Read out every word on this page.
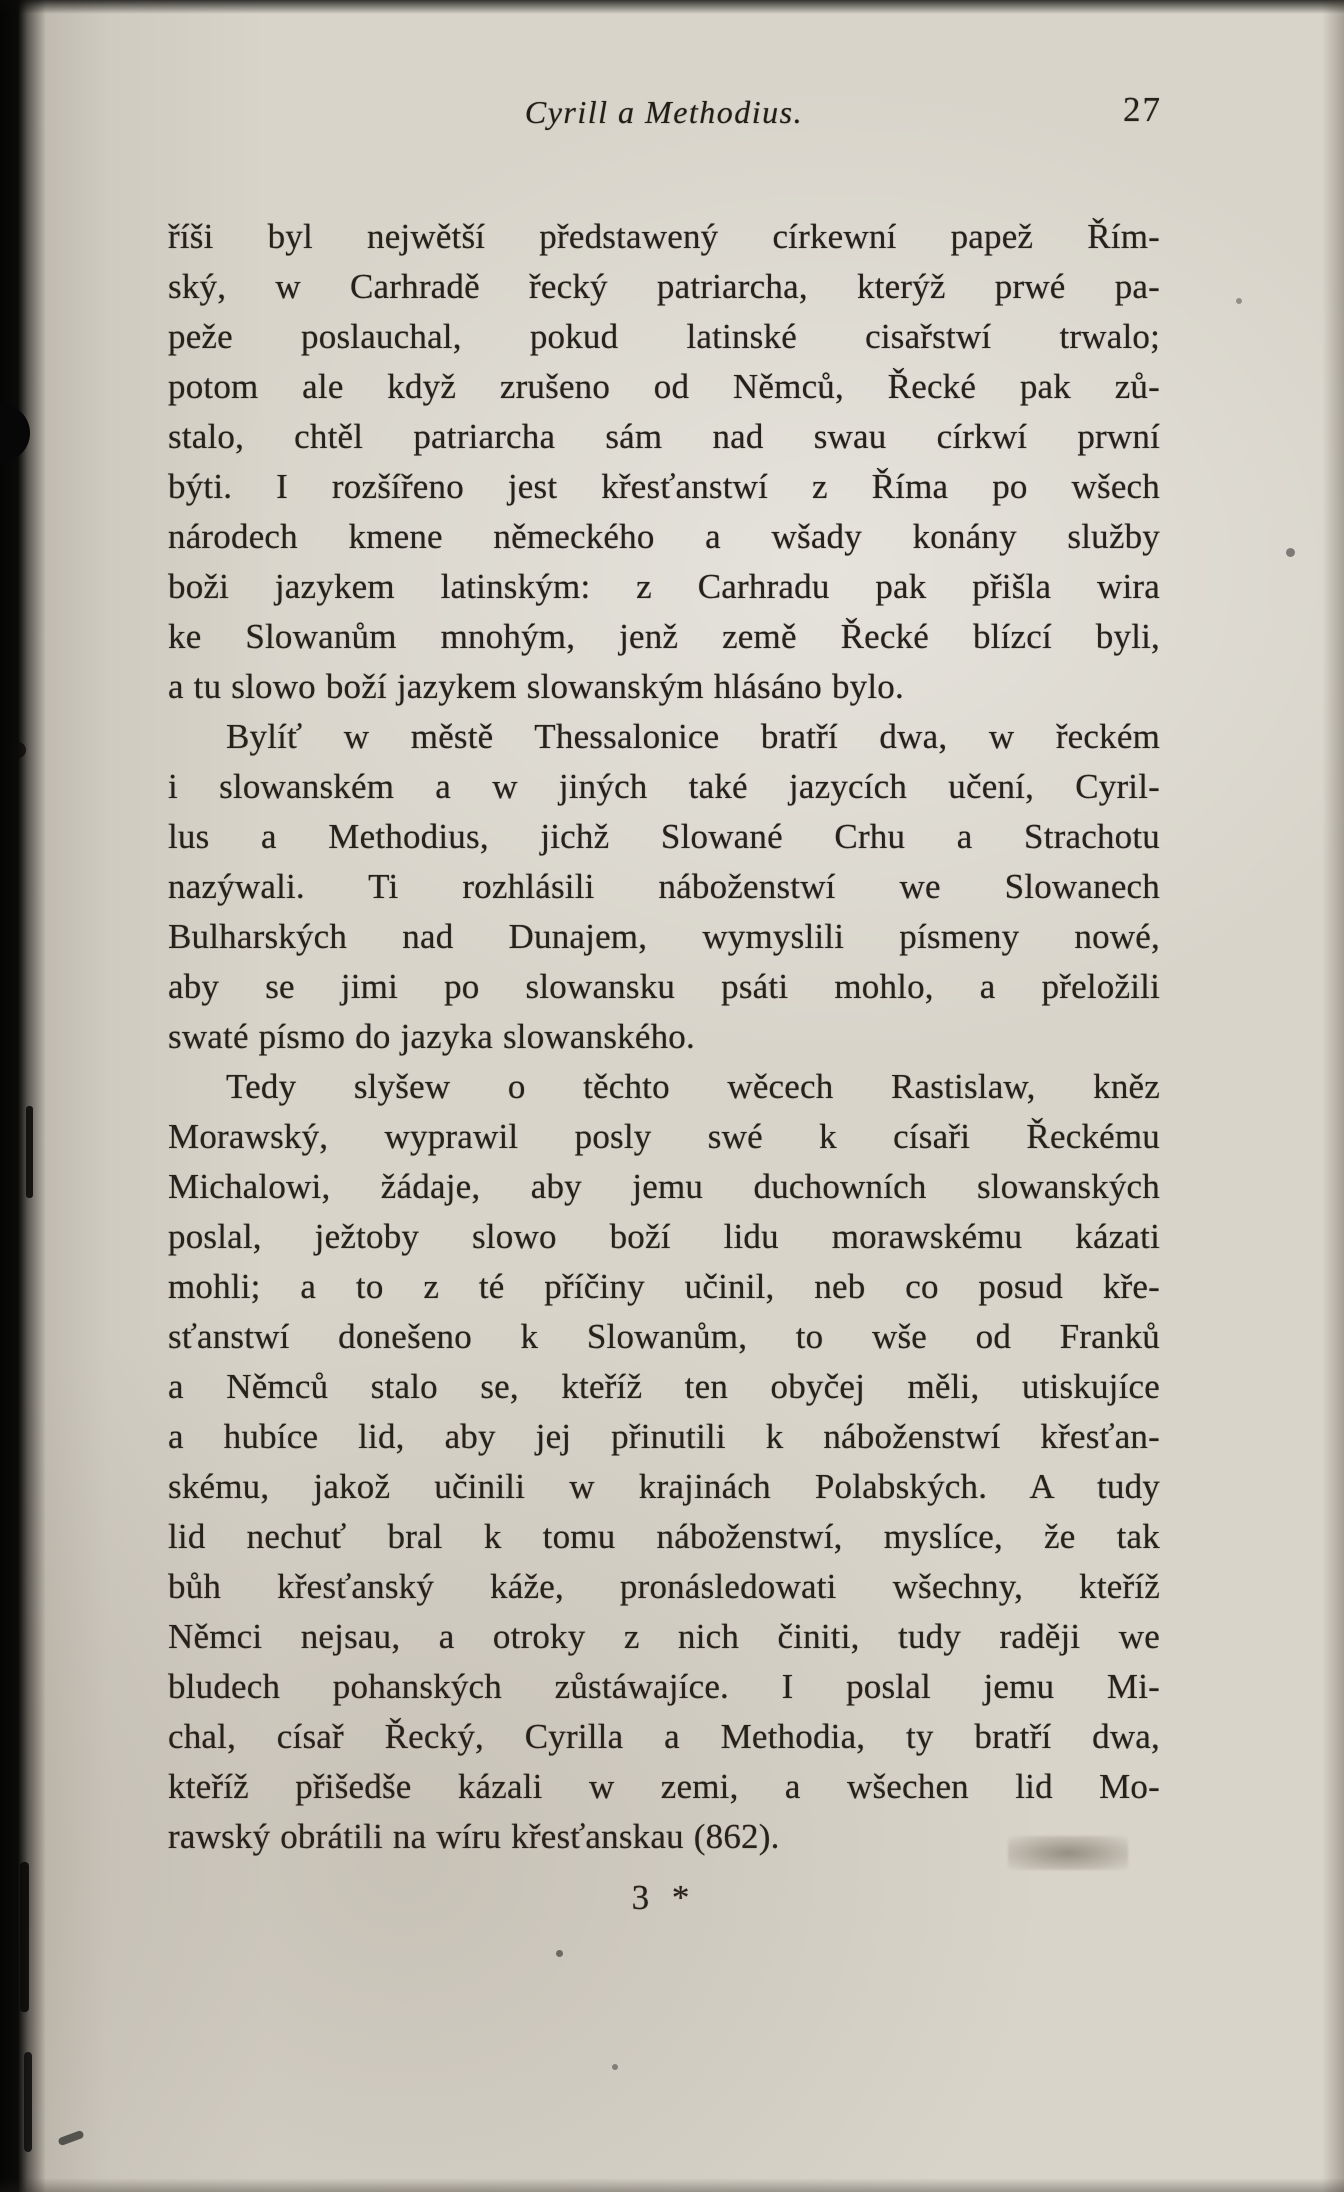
Cyrill a Methodius.	27
říši byl nejwětší předstawený církewní papež Řím-
ský, w Carhradě řecký patriarcha, kterýž prwé pa-
peže poslauchal, pokud latinské cisařstwí trwalo;
potom ale když zrušeno od Němců, Řecké pak zů-
stalo, chtěl patriarcha sám nad swau církwí prwní
býti. I rozšířeno jest křesťanstwí z Říma po wšech
národech kmene německého a wšady konány služby
boži jazykem latinským: z Carhradu pak přišla wira
ke Slowanům mnohým, jenž země Řecké blízcí byli,
a tu slowo boží jazykem slowanským hlásáno bylo.
Bylíť w městě Thessalonice bratří dwa, w řeckém
i slowanském a w jiných také jazycích učení, Cyril-
lus a Methodius, jichž Slowané Crhu a Strachotu
nazýwali. Ti rozhlásili náboženstwí we Slowanech
Bulharských nad Dunajem, wymyslili písmeny nowé,
aby se jimi po slowansku psáti mohlo, a přeložili
swaté písmo do jazyka slowanského.
Tedy slyšew o těchto wěcech Rastislaw, kněz
Morawský, wyprawil posly swé k císaři Řeckému
Michalowi, žádaje, aby jemu duchowních slowanských
poslal, ježtoby slowo boží lidu morawskému kázati
mohli; a to z té příčiny učinil, neb co posud kře-
sťanstwí donešeno k Slowanům, to wše od Franků
a Němců stalo se, kteříž ten obyčej měli, utiskujíce
a hubíce lid, aby jej přinutili k náboženstwí křesťan-
skému, jakož učinili w krajinách Polabských. A tudy
lid nechuť bral k tomu náboženstwí, myslíce, že tak
bůh křesťanský káže, pronásledowati wšechny, kteříž
Němci nejsau, a otroky z nich činiti, tudy raději we
bludech pohanských zůstáwajíce. I poslal jemu Mi-
chal, císař Řecký, Cyrilla a Methodia, ty bratří dwa,
kteříž přišedše kázali w zemi, a wšechen lid Mo-
rawský obrátili na wíru křesťanskau (862).
3 *
